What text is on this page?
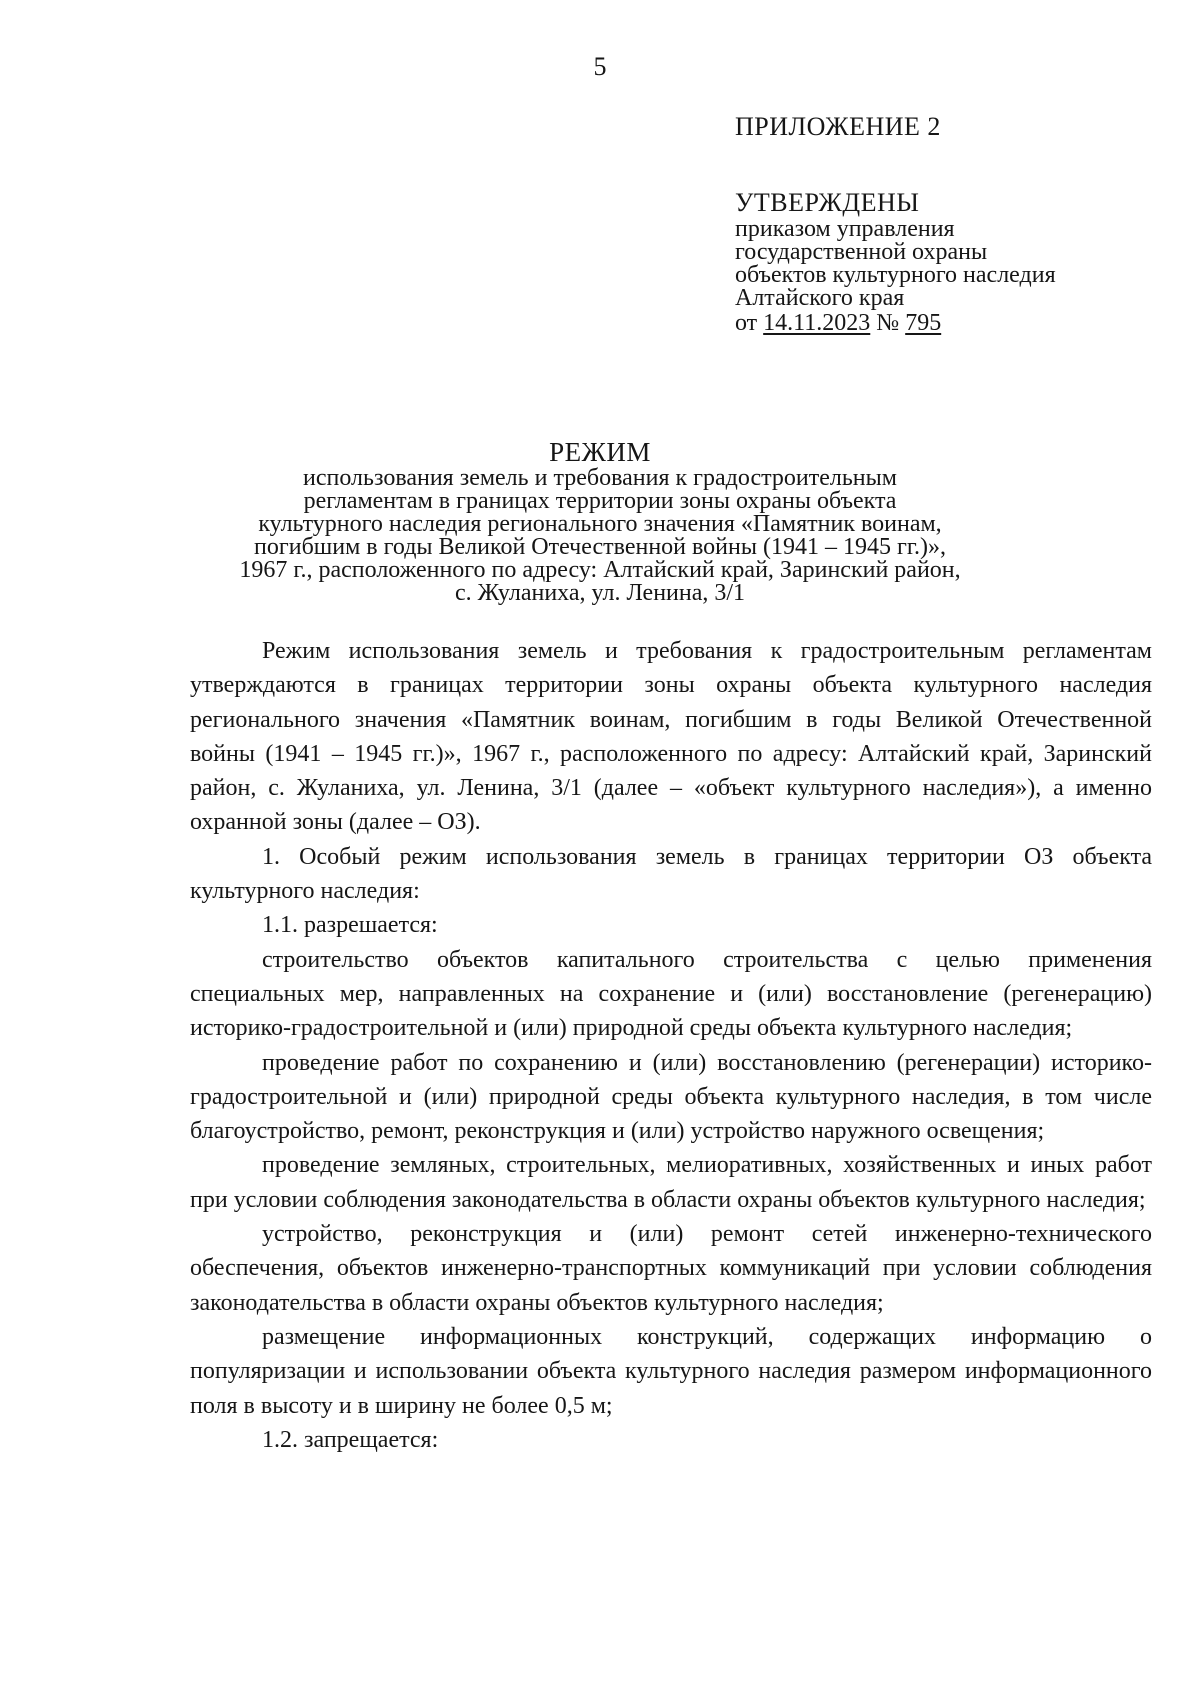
5
ПРИЛОЖЕНИЕ 2
УТВЕРЖДЕНЫ
приказом управления
государственной охраны
объектов культурного наследия
Алтайского края
от 14.11.2023 № 795
РЕЖИМ
использования земель и требования к градостроительным
регламентам в границах территории зоны охраны объекта
культурного наследия регионального значения «Памятник воинам,
погибшим в годы Великой Отечественной войны (1941 – 1945 гг.)»,
1967 г., расположенного по адресу: Алтайский край, Заринский район,
с. Жуланиха, ул. Ленина, 3/1

Режим использования земель и требования к градостроительным регламентам утверждаются в границах территории зоны охраны объекта культурного наследия регионального значения «Памятник воинам, погибшим в годы Великой Отечественной войны (1941 – 1945 гг.)», 1967 г., расположенного по адресу: Алтайский край, Заринский район, с. Жуланиха, ул. Ленина, 3/1 (далее – «объект культурного наследия»), а именно охранной зоны (далее – ОЗ).

1. Особый режим использования земель в границах территории ОЗ объекта культурного наследия:

1.1. разрешается:

строительство объектов капитального строительства с целью применения специальных мер, направленных на сохранение и (или) восстановление (регенерацию) историко-градостроительной и (или) природной среды объекта культурного наследия;

проведение работ по сохранению и (или) восстановлению (регенерации) историко-градостроительной и (или) природной среды объекта культурного наследия, в том числе благоустройство, ремонт, реконструкция и (или) устройство наружного освещения;

проведение земляных, строительных, мелиоративных, хозяйственных и иных работ при условии соблюдения законодательства в области охраны объектов культурного наследия;

устройство, реконструкция и (или) ремонт сетей инженерно-технического обеспечения, объектов инженерно-транспортных коммуникаций при условии соблюдения законодательства в области охраны объектов культурного наследия;

размещение информационных конструкций, содержащих информацию о популяризации и использовании объекта культурного наследия размером информационного поля в высоту и в ширину не более 0,5 м;

1.2. запрещается:
